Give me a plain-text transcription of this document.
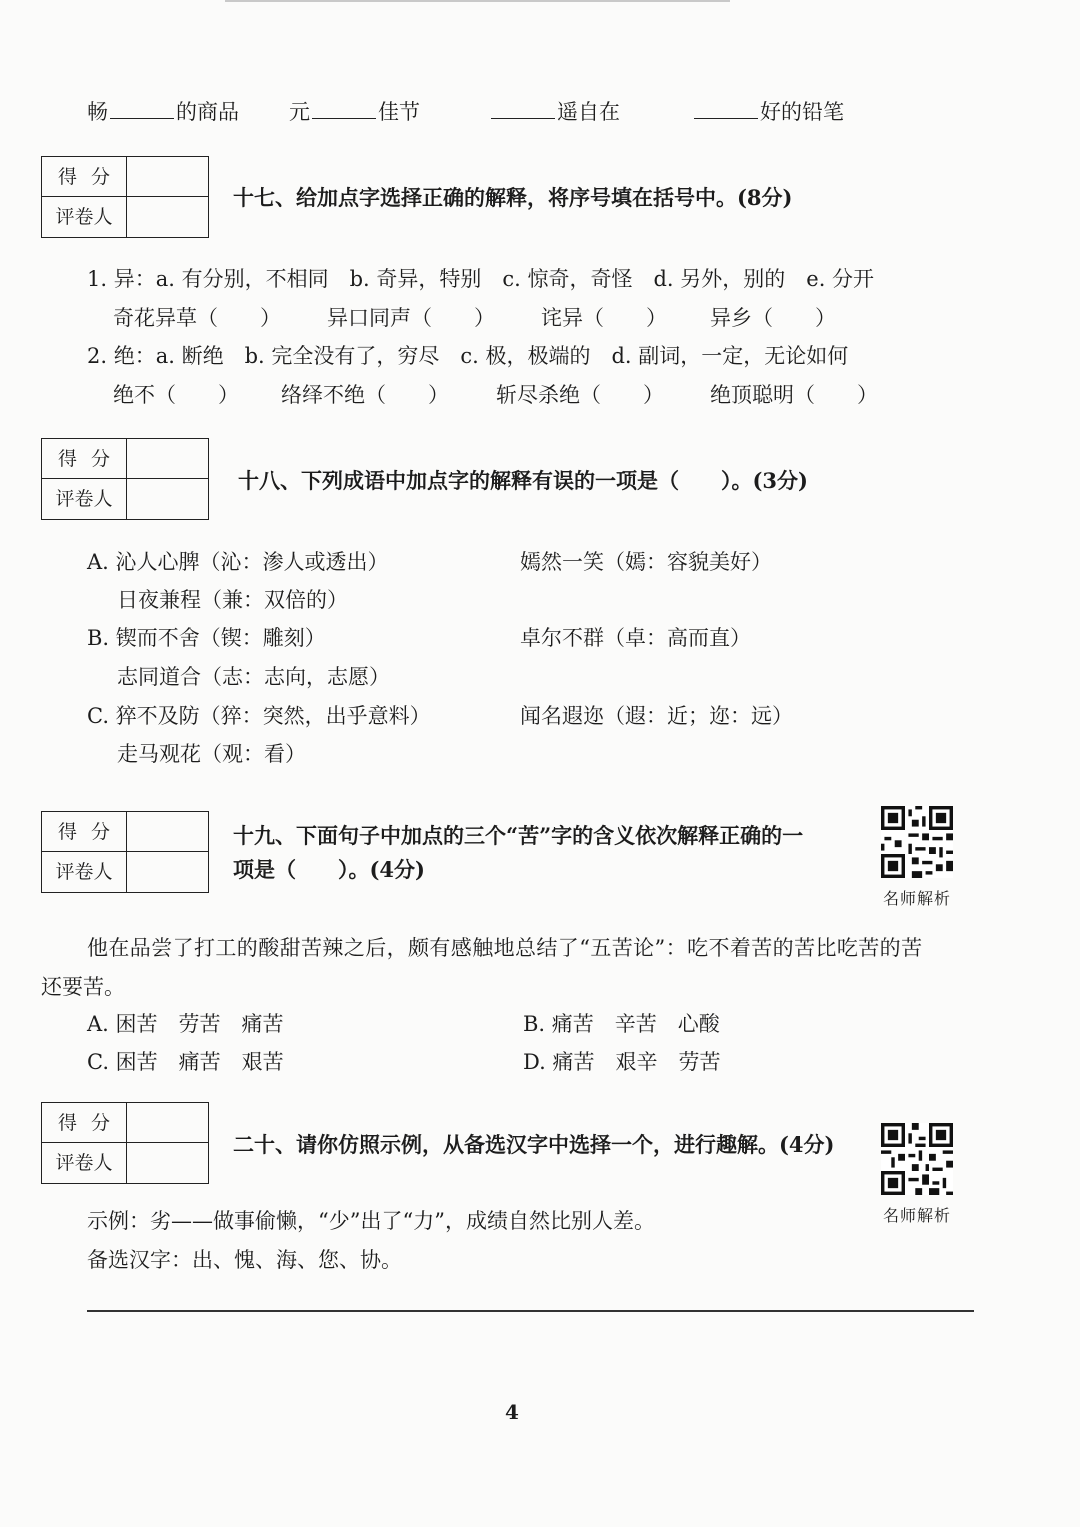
畅	的商品 元	佳节	遥自在	好的铅笔
得分
评卷人
十七、给加点字选择正确的解释，将序号填在括号中。(8分)
1. 异：a. 有分别，不相同　b. 奇异，特别　c. 惊奇，奇怪　d. 另外，别的　e. 分开
奇花异草（　　） 异口同声（　　） 诧异（　　） 异乡（　　）
2. 绝：a. 断绝　b. 完全没有了，穷尽　c. 极，极端的　d. 副词，一定，无论如何
绝不（　　） 络绎不绝（　　） 斩尽杀绝（　　） 绝顶聪明（　　）
得分
评卷人
十八、下列成语中加点字的解释有误的一项是（　　）。(3分)
A. 沁人心脾（沁：渗人或透出）	嫣然一笑（嫣：容貌美好）
日夜兼程（兼：双倍的）
B. 锲而不舍（锲：雕刻）	卓尔不群（卓：高而直）
志同道合（志：志向，志愿）
C. 猝不及防（猝：突然，出乎意料）	闻名遐迩（遐：近；迩：远）
走马观花（观：看）
得分
评卷人
十九、下面句子中加点的三个“苦”字的含义依次解释正确的一
项是（　　）。(4分)
名师解析
他在品尝了打工的酸甜苦辣之后，颇有感触地总结了“五苦论”：吃不着苦的苦比吃苦的苦
还要苦。
A. 困苦　劳苦　痛苦	B. 痛苦　辛苦　心酸
C. 困苦　痛苦　艰苦	D. 痛苦　艰辛　劳苦
得分
评卷人
二十、请你仿照示例，从备选汉字中选择一个，进行趣解。(4分)
名师解析
示例：劣——做事偷懒，“少”出了“力”，成绩自然比别人差。
备选汉字：出、愧、海、您、协。
4
